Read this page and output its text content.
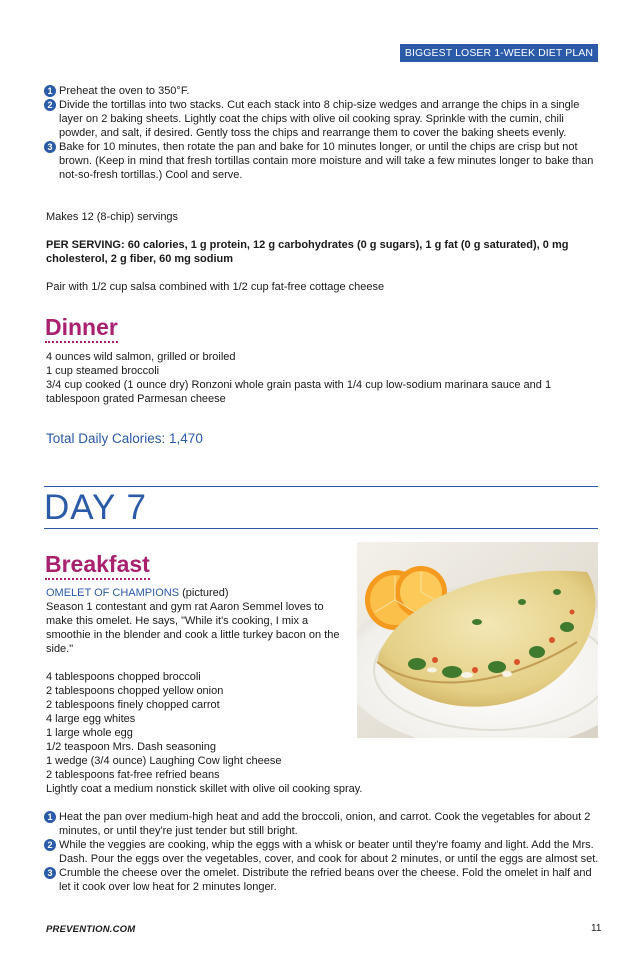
BIGGEST LOSER 1-WEEK DIET PLAN

1 Preheat the oven to 350°F.

2 Divide the tortillas into two stacks. Cut each stack into 8 chip-size wedges and arrange the chips in a single layer on 2 baking sheets. Lightly coat the chips with olive oil cooking spray. Sprinkle with the cumin, chili powder, and salt, if desired. Gently toss the chips and rearrange them to cover the baking sheets evenly.

3 Bake for 10 minutes, then rotate the pan and bake for 10 minutes longer, or until the chips are crisp but not brown. (Keep in mind that fresh tortillas contain more moisture and will take a few minutes longer to bake than not-so-fresh tortillas.) Cool and serve.

Makes 12 (8-chip) servings

PER SERVING: 60 calories, 1 g protein, 12 g carbohydrates (0 g sugars), 1 g fat (0 g saturated), 0 mg cholesterol, 2 g fiber, 60 mg sodium

Pair with 1/2 cup salsa combined with 1/2 cup fat-free cottage cheese

Dinner
4 ounces wild salmon, grilled or broiled
1 cup steamed broccoli
3/4 cup cooked (1 ounce dry) Ronzoni whole grain pasta with 1/4 cup low-sodium marinara sauce and 1 tablespoon grated Parmesan cheese
Total Daily Calories: 1,470
DAY 7
Breakfast
OMELET OF CHAMPIONS (pictured)
Season 1 contestant and gym rat Aaron Semmel loves to make this omelet. He says, "While it's cooking, I mix a smoothie in the blender and cook a little turkey bacon on the side."
4 tablespoons chopped broccoli
2 tablespoons chopped yellow onion
2 tablespoons finely chopped carrot
4 large egg whites
1 large whole egg
1/2 teaspoon Mrs. Dash seasoning
1 wedge (3/4 ounce) Laughing Cow light cheese
2 tablespoons fat-free refried beans
Lightly coat a medium nonstick skillet with olive oil cooking spray.

1 Heat the pan over medium-high heat and add the broccoli, onion, and carrot. Cook the vegetables for about 2 minutes, or until they're just tender but still bright.

2 While the veggies are cooking, whip the eggs with a whisk or beater until they're foamy and light. Add the Mrs. Dash. Pour the eggs over the vegetables, cover, and cook for about 2 minutes, or until the eggs are almost set.

3 Crumble the cheese over the omelet. Distribute the refried beans over the cheese. Fold the omelet in half and let it cook over low heat for 2 minutes longer.

PREVENTION.COM	11
